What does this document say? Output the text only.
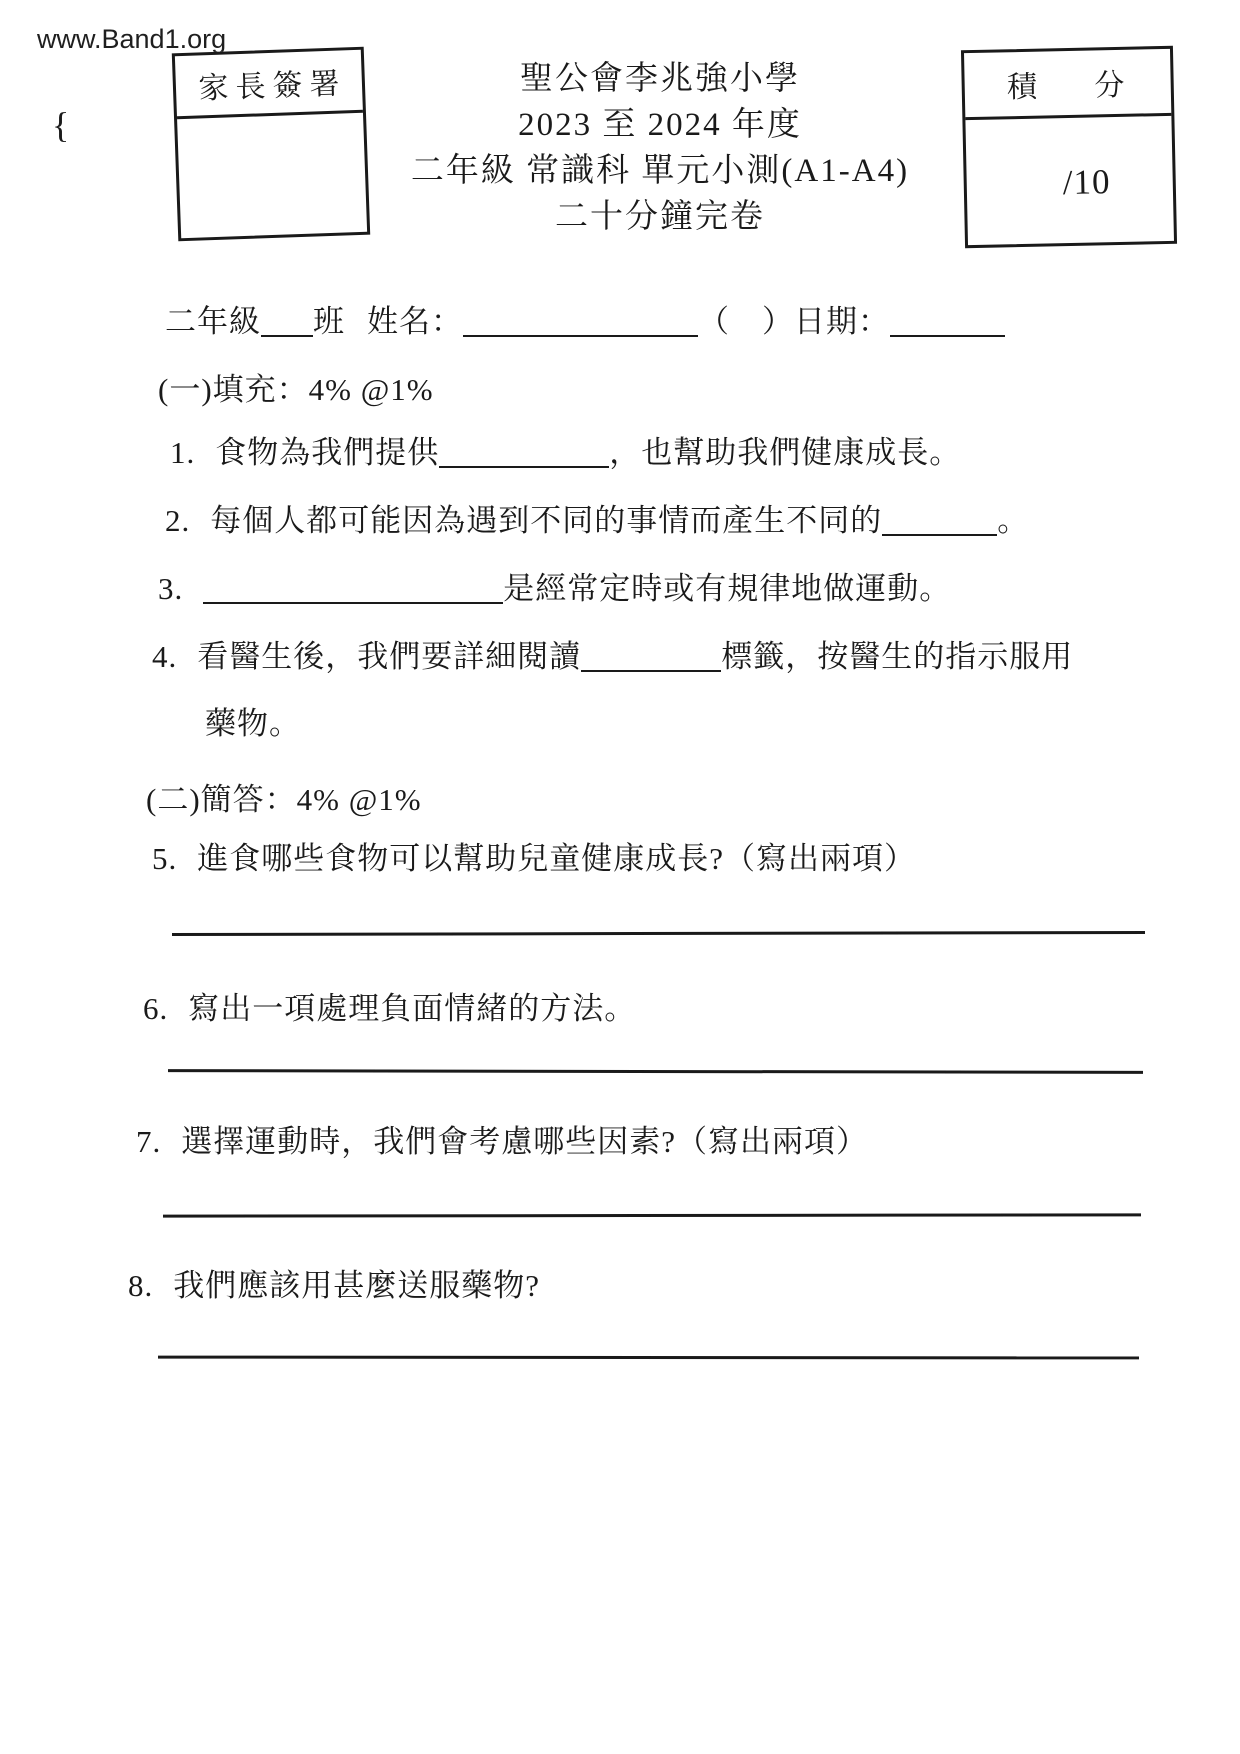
www.Band1.org
{
家長簽署	聖公會李兆強小學
2023 至 2024 年度
二年級 常識科 單元小測(A1-A4)
二十分鐘完卷
積 分
/10
二年級 班 姓名：	（　）日期：
(一)填充：4% @1%
1. 食物為我們提供	，也幫助我們健康成長。
2. 每個人都可能因為遇到不同的事情而產生不同的	。
3.	是經常定時或有規律地做運動。
4. 看醫生後，我們要詳細閱讀	標籤，按醫生的指示服用
藥物。
(二)簡答：4% @1%
5. 進食哪些食物可以幫助兒童健康成長?（寫出兩項）
6. 寫出一項處理負面情緒的方法。
7. 選擇運動時，我們會考慮哪些因素?（寫出兩項）
8. 我們應該用甚麼送服藥物?
